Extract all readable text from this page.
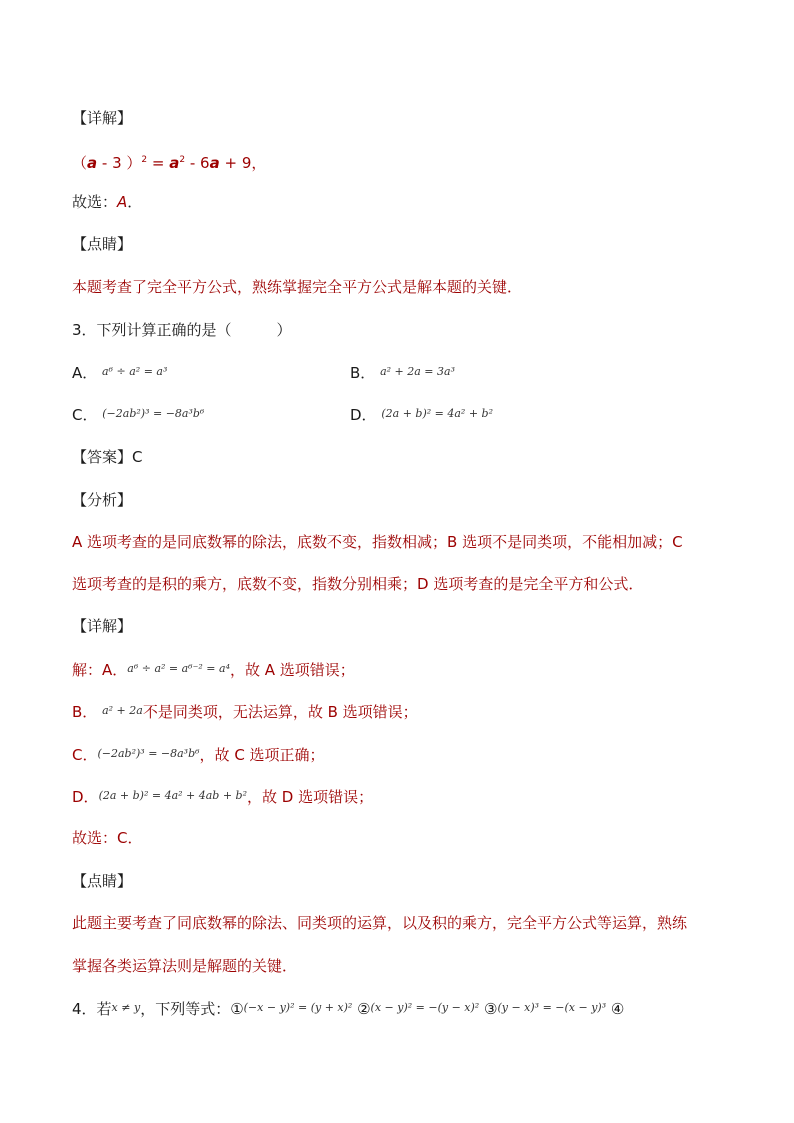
【详解】
（a - 3 ）$^2 = a^2 - 6a + 9$，
故选：A．
【点睛】
本题考查了完全平方公式，熟练掌握完全平方公式是解本题的关键．
3．下列计算正确的是（　　　）
A． $^{a^6 \div a^2 = a^3}$	B． $^{a^2 + 2a = 3a^3}$
C． $^{(-2ab^2)^3 = -8a^3b^6}$	D． $^{(2a + b)^2 = 4a^2 + b^2}$
【答案】C
【分析】
A 选项考查的是同底数幂的除法，底数不变，指数相减；B 选项不是同类项，不能相加减；C
选项考查的是积的乘方，底数不变，指数分别相乘；D 选项考查的是完全平方和公式．
【详解】
解：A．$^{a^6 \div a^2 = a^{6-2} = a^4}$，故 A 选项错误；
B． $^{a^2 + 2a}$不是同类项，无法运算，故 B 选项错误；
C．$^{(-2ab^2)^3 = -8a^3b^6}$，故 C 选项正确；
D．$^{(2a + b)^2 = 4a^2 + 4ab + b^2}$，故 D 选项错误；
故选：C．
【点睛】
此题主要考查了同底数幂的除法、同类项的运算，以及积的乘方，完全平方公式等运算，熟练
掌握各类运算法则是解题的关键．
4．若$^{x \ne y}$，下列等式：①$^{(-x - y)^2 = (y + x)^2}$ ②$^{(x - y)^2 = -(y - x)^2}$ ③$^{(y - x)^3 = -(x - y)^3}$ ④
